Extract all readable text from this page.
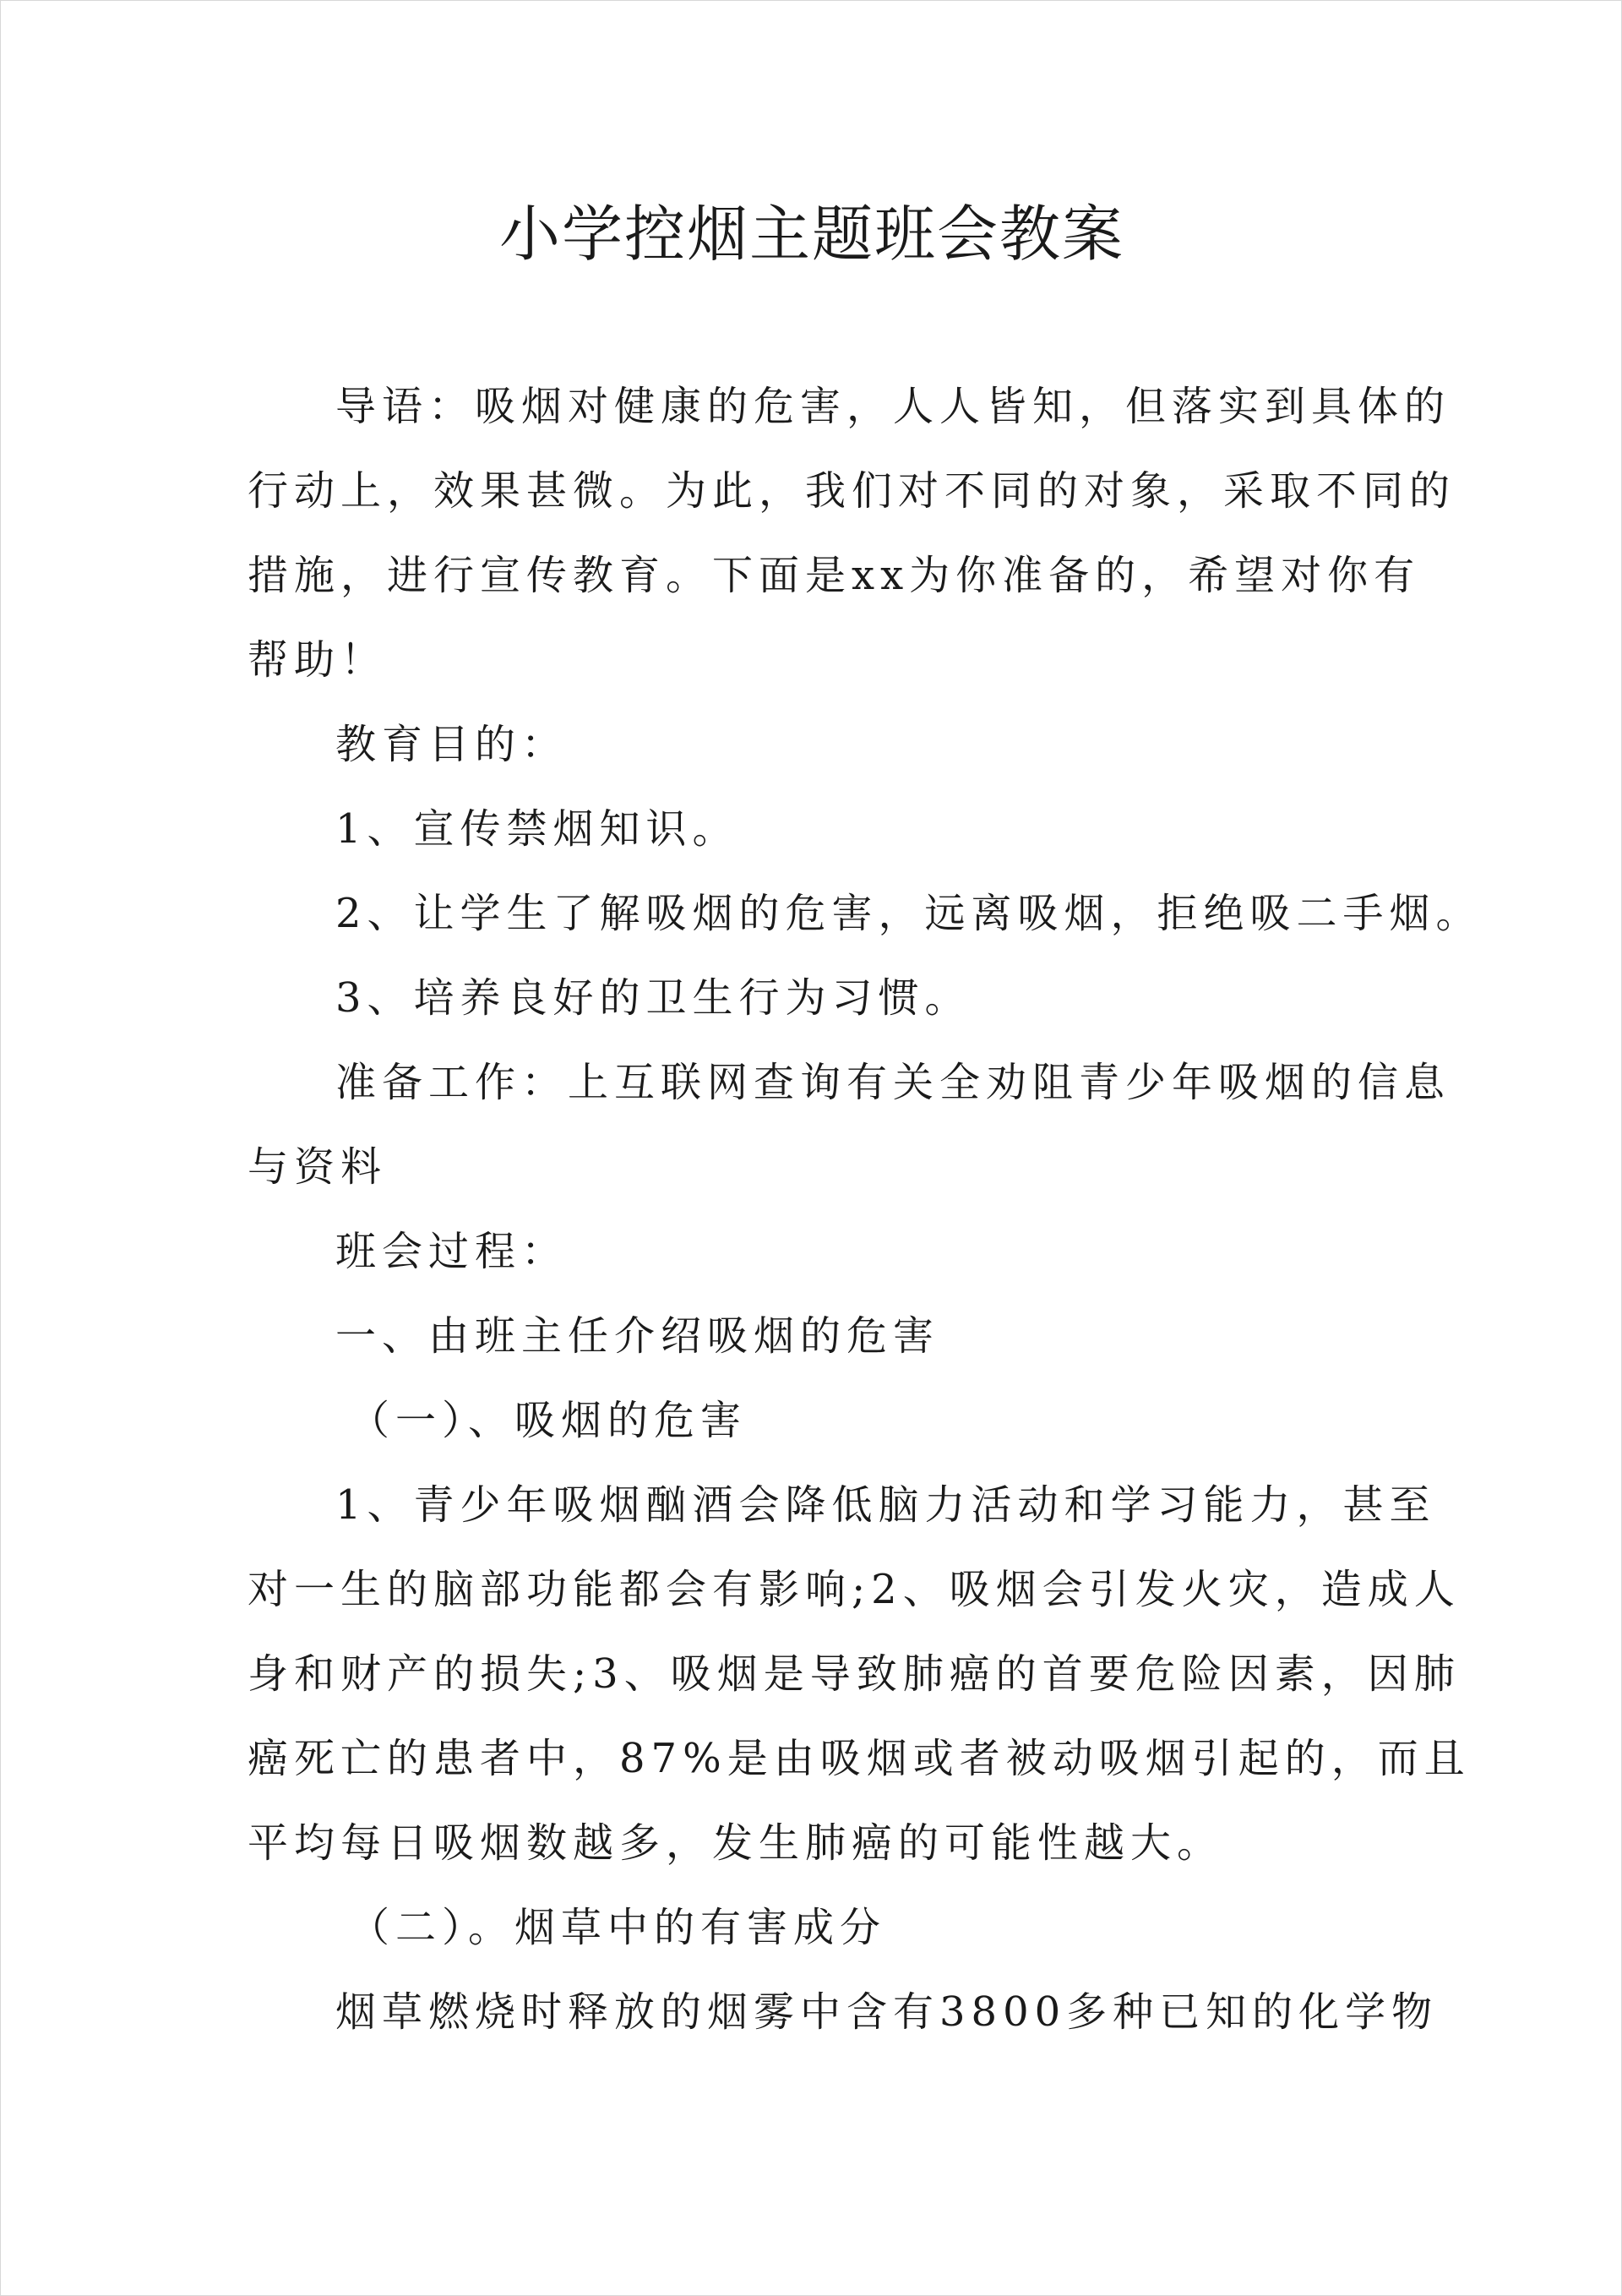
小学控烟主题班会教案

导语：吸烟对健康的危害，人人皆知，但落实到具体的

行动上，效果甚微。为此，我们对不同的对象，采取不同的

措施，进行宣传教育。下面是xx为你准备的，希望对你有

帮助！

教育目的：

1、宣传禁烟知识。

2、让学生了解吸烟的危害，远离吸烟，拒绝吸二手烟。

3、培养良好的卫生行为习惯。

准备工作：上互联网查询有关全劝阻青少年吸烟的信息

与资料

班会过程：

一、由班主任介绍吸烟的危害

（一）、吸烟的危害

1、青少年吸烟酗酒会降低脑力活动和学习能力，甚至

对一生的脑部功能都会有影响;2、吸烟会引发火灾，造成人

身和财产的损失;3、吸烟是导致肺癌的首要危险因素，因肺

癌死亡的患者中，87%是由吸烟或者被动吸烟引起的，而且

平均每日吸烟数越多，发生肺癌的可能性越大。

（二）。烟草中的有害成分

烟草燃烧时释放的烟雾中含有3800多种已知的化学物
